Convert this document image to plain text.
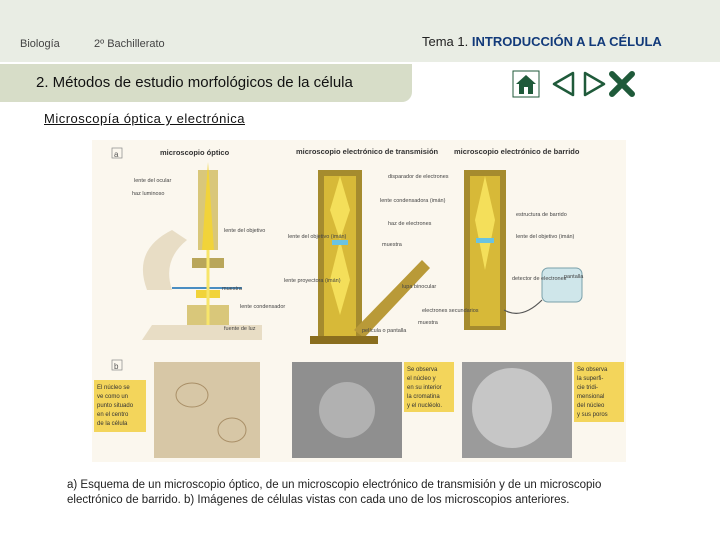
Biología	2º Bachillerato	Tema 1. INTRODUCCIÓN A LA CÉLULA
2. Métodos de estudio morfológicos de la célula
Microscopía óptica y electrónica
a
b
microscopio óptico	microscopio electrónico de transmisión microscopio electrónico de barrido
lente del ocular
haz luminoso
lente del objetivo
muestra
lente condensador
fuente de luz
disparador de electrones
lente condensadora (imán)
haz de electrones
lente del objetivo (imán)
muestra
lente proyectora (imán)
lupa binocular
película o pantalla
estructura de barrido
lente del objetivo (imán)
detector de electrones
pantalla
electrones secundarios
muestra
El núcleo se
ve como un
punto situado
en el centro
de la célula
Se observa
el núcleo y
en su interior
la cromatina
y el nucléolo.
Se observa
la superfi-
cie tridi-
mensional
del núcleo
y sus poros
a) Esquema de un microscopio óptico, de un microscopio electrónico de transmisión y de un microscopio electrónico de barrido. b) Imágenes de células vistas con cada uno de los microscopios anteriores.
